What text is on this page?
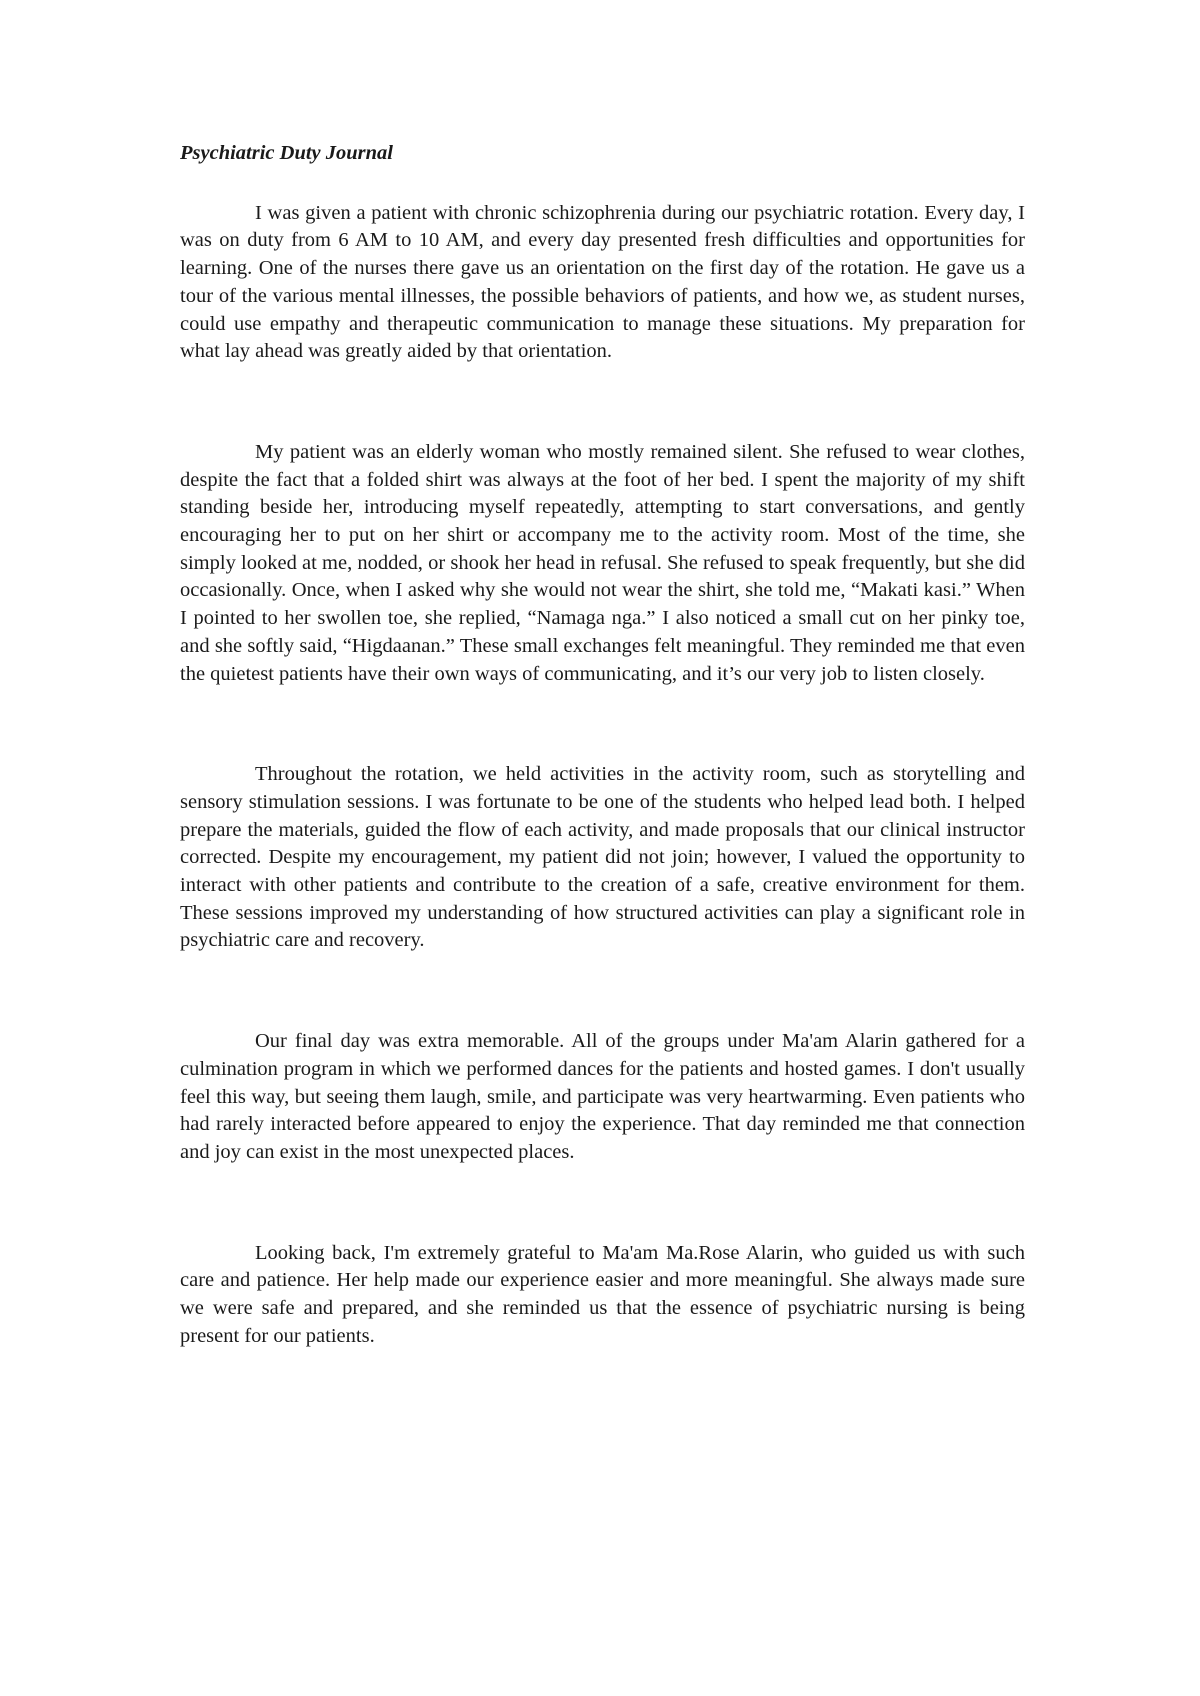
Psychiatric Duty Journal

I was given a patient with chronic schizophrenia during our psychiatric rotation. Every day, I was on duty from 6 AM to 10 AM, and every day presented fresh difficulties and opportunities for learning. One of the nurses there gave us an orientation on the first day of the rotation. He gave us a tour of the various mental illnesses, the possible behaviors of patients, and how we, as student nurses, could use empathy and therapeutic communication to manage these situations. My preparation for what lay ahead was greatly aided by that orientation.

My patient was an elderly woman who mostly remained silent. She refused to wear clothes, despite the fact that a folded shirt was always at the foot of her bed. I spent the majority of my shift standing beside her, introducing myself repeatedly, attempting to start conversations, and gently encouraging her to put on her shirt or accompany me to the activity room. Most of the time, she simply looked at me, nodded, or shook her head in refusal. She refused to speak frequently, but she did occasionally. Once, when I asked why she would not wear the shirt, she told me, “Makati kasi.” When I pointed to her swollen toe, she replied, “Namaga nga.” I also noticed a small cut on her pinky toe, and she softly said, “Higdaanan.” These small exchanges felt meaningful. They reminded me that even the quietest patients have their own ways of communicating, and it’s our very job to listen closely.

Throughout the rotation, we held activities in the activity room, such as storytelling and sensory stimulation sessions. I was fortunate to be one of the students who helped lead both. I helped prepare the materials, guided the flow of each activity, and made proposals that our clinical instructor corrected. Despite my encouragement, my patient did not join; however, I valued the opportunity to interact with other patients and contribute to the creation of a safe, creative environment for them. These sessions improved my understanding of how structured activities can play a significant role in psychiatric care and recovery.

Our final day was extra memorable. All of the groups under Ma'am Alarin gathered for a culmination program in which we performed dances for the patients and hosted games. I don't usually feel this way, but seeing them laugh, smile, and participate was very heartwarming. Even patients who had rarely interacted before appeared to enjoy the experience. That day reminded me that connection and joy can exist in the most unexpected places.

Looking back, I'm extremely grateful to Ma'am Ma.Rose Alarin, who guided us with such care and patience. Her help made our experience easier and more meaningful. She always made sure we were safe and prepared, and she reminded us that the essence of psychiatric nursing is being present for our patients.
